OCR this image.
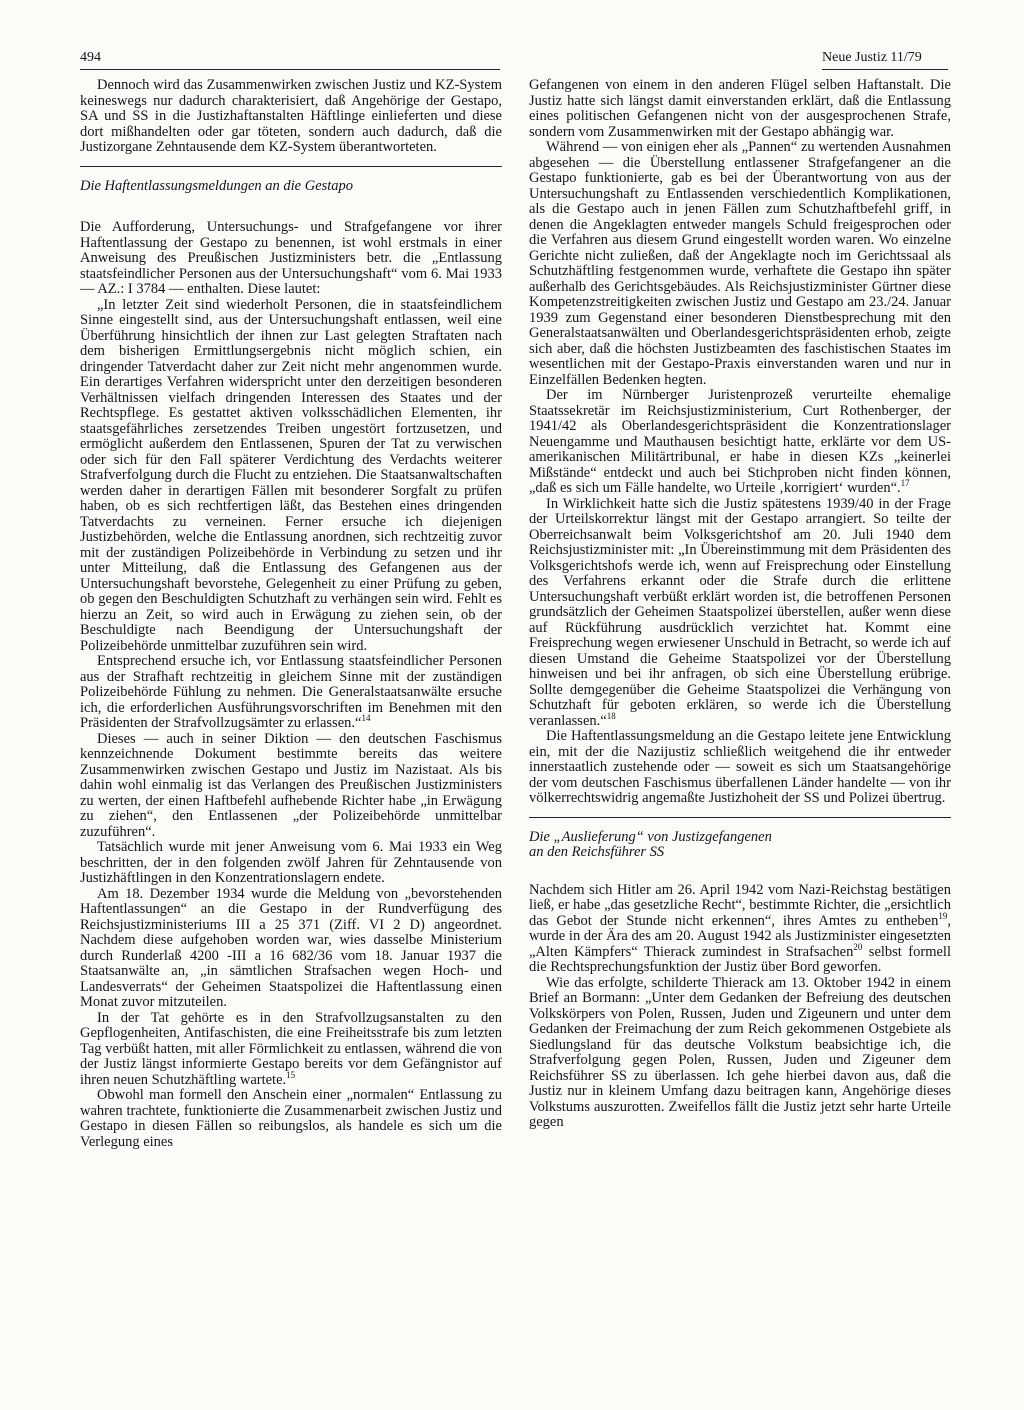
494	Neue Justiz 11/79

Dennoch wird das Zusammenwirken zwischen Justiz und KZ-System keineswegs nur dadurch charakterisiert, daß Angehörige der Gestapo, SA und SS in die Justizhaftanstalten Häftlinge einlieferten und diese dort mißhandelten oder gar töteten, sondern auch dadurch, daß die Justizorgane Zehntausende dem KZ-System überantworteten.

Die Haftentlassungsmeldungen an die Gestapo

Die Aufforderung, Untersuchungs- und Strafgefangene vor ihrer Haftentlassung der Gestapo zu benennen, ist wohl erstmals in einer Anweisung des Preußischen Justizministers betr. die „Entlassung staatsfeindlicher Personen aus der Untersuchungshaft“ vom 6. Mai 1933 — AZ.: I 3784 — enthalten. Diese lautet:

„In letzter Zeit sind wiederholt Personen, die in staatsfeindlichem Sinne eingestellt sind, aus der Untersuchungshaft entlassen, weil eine Überführung hinsichtlich der ihnen zur Last gelegten Straftaten nach dem bisherigen Ermittlungsergebnis nicht möglich schien, ein dringender Tatverdacht daher zur Zeit nicht mehr angenommen wurde. Ein derartiges Verfahren widerspricht unter den derzeitigen besonderen Verhältnissen vielfach dringenden Interessen des Staates und der Rechtspflege. Es gestattet aktiven volksschädlichen Elementen, ihr staatsgefährliches zersetzendes Treiben ungestört fortzusetzen, und ermöglicht außerdem den Entlassenen, Spuren der Tat zu verwischen oder sich für den Fall späterer Verdichtung des Verdachts weiterer Strafverfolgung durch die Flucht zu entziehen. Die Staatsanwaltschaften werden daher in derartigen Fällen mit besonderer Sorgfalt zu prüfen haben, ob es sich rechtfertigen läßt, das Bestehen eines dringenden Tatverdachts zu verneinen. Ferner ersuche ich diejenigen Justizbehörden, welche die Entlassung anordnen, sich rechtzeitig zuvor mit der zuständigen Polizeibehörde in Verbindung zu setzen und ihr unter Mitteilung, daß die Entlassung des Gefangenen aus der Untersuchungshaft bevorstehe, Gelegenheit zu einer Prüfung zu geben, ob gegen den Beschuldigten Schutzhaft zu verhängen sein wird. Fehlt es hierzu an Zeit, so wird auch in Erwägung zu ziehen sein, ob der Beschuldigte nach Beendigung der Untersuchungshaft der Polizeibehörde unmittelbar zuzuführen sein wird.

Entsprechend ersuche ich, vor Entlassung staatsfeindlicher Personen aus der Strafhaft rechtzeitig in gleichem Sinne mit der zuständigen Polizeibehörde Fühlung zu nehmen. Die Generalstaatsanwälte ersuche ich, die erforderlichen Ausführungsvorschriften im Benehmen mit den Präsidenten der Strafvollzugsämter zu erlassen.“$^{14}$

Dieses — auch in seiner Diktion — den deutschen Faschismus kennzeichnende Dokument bestimmte bereits das weitere Zusammenwirken zwischen Gestapo und Justiz im Nazistaat. Als bis dahin wohl einmalig ist das Verlangen des Preußischen Justizministers zu werten, der einen Haftbefehl aufhebende Richter habe „in Erwägung zu ziehen“, den Entlassenen „der Polizeibehörde unmittelbar zuzuführen“.

Tatsächlich wurde mit jener Anweisung vom 6. Mai 1933 ein Weg beschritten, der in den folgenden zwölf Jahren für Zehntausende von Justizhäftlingen in den Konzentrationslagern endete.

Am 18. Dezember 1934 wurde die Meldung von „bevorstehenden Haftentlassungen“ an die Gestapo in der Rundverfügung des Reichsjustizministeriums III a 25 371 (Ziff. VI 2 D) angeordnet. Nachdem diese aufgehoben worden war, wies dasselbe Ministerium durch Runderlaß 4200 -III a 16 682/36 vom 18. Januar 1937 die Staatsanwälte an, „in sämtlichen Strafsachen wegen Hoch- und Landesverrats“ der Geheimen Staatspolizei die Haftentlassung einen Monat zuvor mitzuteilen.

In der Tat gehörte es in den Strafvollzugsanstalten zu den Gepflogenheiten, Antifaschisten, die eine Freiheitsstrafe bis zum letzten Tag verbüßt hatten, mit aller Förmlichkeit zu entlassen, während die von der Justiz längst informierte Gestapo bereits vor dem Gefängnistor auf ihren neuen Schutzhäftling wartete.$^{15}$

Obwohl man formell den Anschein einer „normalen“ Entlassung zu wahren trachtete, funktionierte die Zusammenarbeit zwischen Justiz und Gestapo in diesen Fällen so reibungslos, als handele es sich um die Verlegung eines

Gefangenen von einem in den anderen Flügel selben Haftanstalt. Die Justiz hatte sich längst damit einverstanden erklärt, daß die Entlassung eines politischen Gefangenen nicht von der ausgesprochenen Strafe, sondern vom Zusammenwirken mit der Gestapo abhängig war.

Während — von einigen eher als „Pannen“ zu wertenden Ausnahmen abgesehen — die Überstellung entlassener Strafgefangener an die Gestapo funktionierte, gab es bei der Überantwortung von aus der Untersuchungshaft zu Entlassenden verschiedentlich Komplikationen, als die Gestapo auch in jenen Fällen zum Schutzhaftbefehl griff, in denen die Angeklagten entweder mangels Schuld freigesprochen oder die Verfahren aus diesem Grund eingestellt worden waren. Wo einzelne Gerichte nicht zuließen, daß der Angeklagte noch im Gerichtssaal als Schutzhäftling festgenommen wurde, verhaftete die Gestapo ihn später außerhalb des Gerichtsgebäudes. Als Reichsjustizminister Gürtner diese Kompetenzstreitigkeiten zwischen Justiz und Gestapo am 23./24. Januar 1939 zum Gegenstand einer besonderen Dienstbesprechung mit den Generalstaatsanwälten und Oberlandesgerichtspräsidenten erhob, zeigte sich aber, daß die höchsten Justizbeamten des faschistischen Staates im wesentlichen mit der Gestapo-Praxis einverstanden waren und nur in Einzelfällen Bedenken hegten.

Der im Nürnberger Juristenprozeß verurteilte ehemalige Staatssekretär im Reichsjustizministerium, Curt Rothenberger, der 1941/42 als Oberlandesgerichtspräsident die Konzentrationslager Neuengamme und Mauthausen besichtigt hatte, erklärte vor dem US-amerikanischen Militärtribunal, er habe in diesen KZs „keinerlei Mißstände“ entdeckt und auch bei Stichproben nicht finden können, „daß es sich um Fälle handelte, wo Urteile ‚korrigiert‘ wurden“.$^{17}$

In Wirklichkeit hatte sich die Justiz spätestens 1939/40 in der Frage der Urteilskorrektur längst mit der Gestapo arrangiert. So teilte der Oberreichsanwalt beim Volksgerichtshof am 20. Juli 1940 dem Reichsjustizminister mit: „In Übereinstimmung mit dem Präsidenten des Volksgerichtshofs werde ich, wenn auf Freisprechung oder Einstellung des Verfahrens erkannt oder die Strafe durch die erlittene Untersuchungshaft verbüßt erklärt worden ist, die betroffenen Personen grundsätzlich der Geheimen Staatspolizei überstellen, außer wenn diese auf Rückführung ausdrücklich verzichtet hat. Kommt eine Freisprechung wegen erwiesener Unschuld in Betracht, so werde ich auf diesen Umstand die Geheime Staatspolizei vor der Überstellung hinweisen und bei ihr anfragen, ob sich eine Überstellung erübrige. Sollte demgegenüber die Geheime Staatspolizei die Verhängung von Schutzhaft für geboten erklären, so werde ich die Überstellung veranlassen.“$^{18}$

Die Haftentlassungsmeldung an die Gestapo leitete jene Entwicklung ein, mit der die Nazijustiz schließlich weitgehend die ihr entweder innerstaatlich zustehende oder — soweit es sich um Staatsangehörige der vom deutschen Faschismus überfallenen Länder handelte — von ihr völkerrechtswidrig angemaßte Justizhoheit der SS und Polizei übertrug.

Die „Auslieferung“ von Justizgefangenen
an den Reichsführer SS

Nachdem sich Hitler am 26. April 1942 vom Nazi-Reichstag bestätigen ließ, er habe „das gesetzliche Recht“, bestimmte Richter, die „ersichtlich das Gebot der Stunde nicht erkennen“, ihres Amtes zu entheben$^{19}$, wurde in der Ära des am 20. August 1942 als Justizminister eingesetzten „Alten Kämpfers“ Thierack zumindest in Strafsachen$^{20}$ selbst formell die Rechtsprechungsfunktion der Justiz über Bord geworfen.

Wie das erfolgte, schilderte Thierack am 13. Oktober 1942 in einem Brief an Bormann: „Unter dem Gedanken der Befreiung des deutschen Volkskörpers von Polen, Russen, Juden und Zigeunern und unter dem Gedanken der Freimachung der zum Reich gekommenen Ostgebiete als Siedlungsland für das deutsche Volkstum beabsichtige ich, die Strafverfolgung gegen Polen, Russen, Juden und Zigeuner dem Reichsführer SS zu überlassen. Ich gehe hierbei davon aus, daß die Justiz nur in kleinem Umfang dazu beitragen kann, Angehörige dieses Volkstums auszurotten. Zweifellos fällt die Justiz jetzt sehr harte Urteile gegen
